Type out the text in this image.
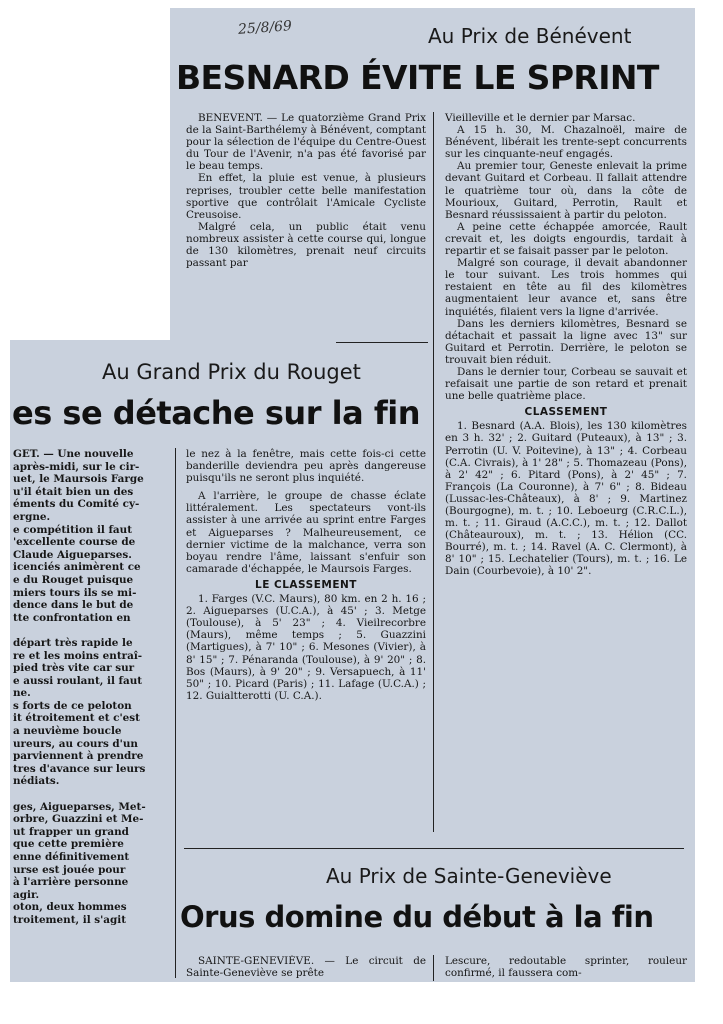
25/8/69	Au Prix de Bénévent
BESNARD ÉVITE LE SPRINT

BENEVENT. — Le quatorzième Grand Prix de la Saint-Barthélemy à Bénévent, comptant pour la sélection de l'équipe du Centre-Ouest du Tour de l'Avenir, n'a pas été favorisé par le beau temps.

En effet, la pluie est venue, à plusieurs reprises, troubler cette belle manifestation sportive que contrôlait l'Amicale Cycliste Creusoise.

Malgré cela, un public était venu nombreux assister à cette course qui, longue de 130 kilomètres, prenait neuf circuits passant par

Vieilleville et le dernier par Marsac.

A 15 h. 30, M. Chazalnoël, maire de Bénévent, libérait les trente-sept concurrents sur les cinquante-neuf engagés.

Au premier tour, Geneste enlevait la prime devant Guitard et Corbeau. Il fallait attendre le quatrième tour où, dans la côte de Mourioux, Guitard, Perrotin, Rault et Besnard réussissaient à partir du peloton.

A peine cette échappée amorcée, Rault crevait et, les doigts engourdis, tardait à repartir et se faisait passer par le peloton.

Malgré son courage, il devait abandonner le tour suivant. Les trois hommes qui restaient en tête au fil des kilomètres augmentaient leur avance et, sans être inquiétés, filaient vers la ligne d'arrivée.

Dans les derniers kilomètres, Besnard se détachait et passait la ligne avec 13" sur Guitard et Perrotin. Derrière, le peloton se trouvait bien réduit.

Dans le dernier tour, Corbeau se sauvait et refaisait une partie de son retard et prenait une belle quatrième place.

CLASSEMENT

1. Besnard (A.A. Blois), les 130 kilomètres en 3 h. 32' ; 2. Guitard (Puteaux), à 13" ; 3. Perrotin (U. V. Poitevine), à 13" ; 4. Corbeau (C.A. Civrais), à 1' 28" ; 5. Thomazeau (Pons), à 2' 42" ; 6. Pitard (Pons), à 2' 45" ; 7. François (La Couronne), à 7' 6" ; 8. Bideau (Lussac-les-Châteaux), à 8' ; 9. Martinez (Bourgogne), m. t. ; 10. Leboeurg (C.R.C.L.), m. t. ; 11. Giraud (A.C.C.), m. t. ; 12. Dallot (Châteauroux), m. t. ; 13. Hélion (CC. Bourré), m. t. ; 14. Ravel (A. C. Clermont), à 8' 10" ; 15. Lechatelier (Tours), m. t. ; 16. Le Dain (Courbevoie), à 10' 2".

Au Grand Prix du Rouget
es se détache sur la fin
GET. — Une nouvelle
après-midi, sur le cir-
uet, le Maursois Farge
u'il était bien un des
éments du Comité cy-
ergne.
e compétition il faut
'excellente course de
Claude Aigueparses.
icenciés animèrent ce
e du Rouget puisque
miers tours ils se mi-
dence dans le but de
tte confrontation en
départ très rapide le
re et les moins entraî-
pied très vite car sur
e aussi roulant, il faut
ne.
s forts de ce peloton
it étroitement et c'est
a neuvième boucle
ureurs, au cours d'un
parviennent à prendre
tres d'avance sur leurs
nédiats.
ges, Aigueparses, Met-
orbre, Guazzini et Me-
ut frapper un grand
que cette première
enne définitivement
urse est jouée pour
à l'arrière personne
agir.
oton, deux hommes
troitement, il s'agit

le nez à la fenêtre, mais cette fois-ci cette banderille deviendra peu après dangereuse puisqu'ils ne seront plus inquiété.

A l'arrière, le groupe de chasse éclate littéralement. Les spectateurs vont-ils assister à une arrivée au sprint entre Farges et Aigueparses ? Malheureusement, ce dernier victime de la malchance, verra son boyau rendre l'âme, laissant s'enfuir son camarade d'échappée, le Maursois Farges.

LE CLASSEMENT

1. Farges (V.C. Maurs), 80 km. en 2 h. 16 ; 2. Aigueparses (U.C.A.), à 45' ; 3. Metge (Toulouse), à 5' 23" ; 4. Vieilrecorbre (Maurs), même temps ; 5. Guazzini (Martigues), à 7' 10" ; 6. Mesones (Vivier), à 8' 15" ; 7. Pénaranda (Toulouse), à 9' 20" ; 8. Bos (Maurs), à 9' 20" ; 9. Versapuech, à 11' 50" ; 10. Picard (Paris) ; 11. Lafage (U.C.A.) ; 12. Guialtterotti (U. C.A.).

Au Prix de Sainte-Geneviève
Orus domine du début à la fin

SAINTE-GENEVIÈVE. — Le circuit de Sainte-Geneviève se prête

Lescure, redoutable sprinter, rouleur confirmé, il faussera com-
